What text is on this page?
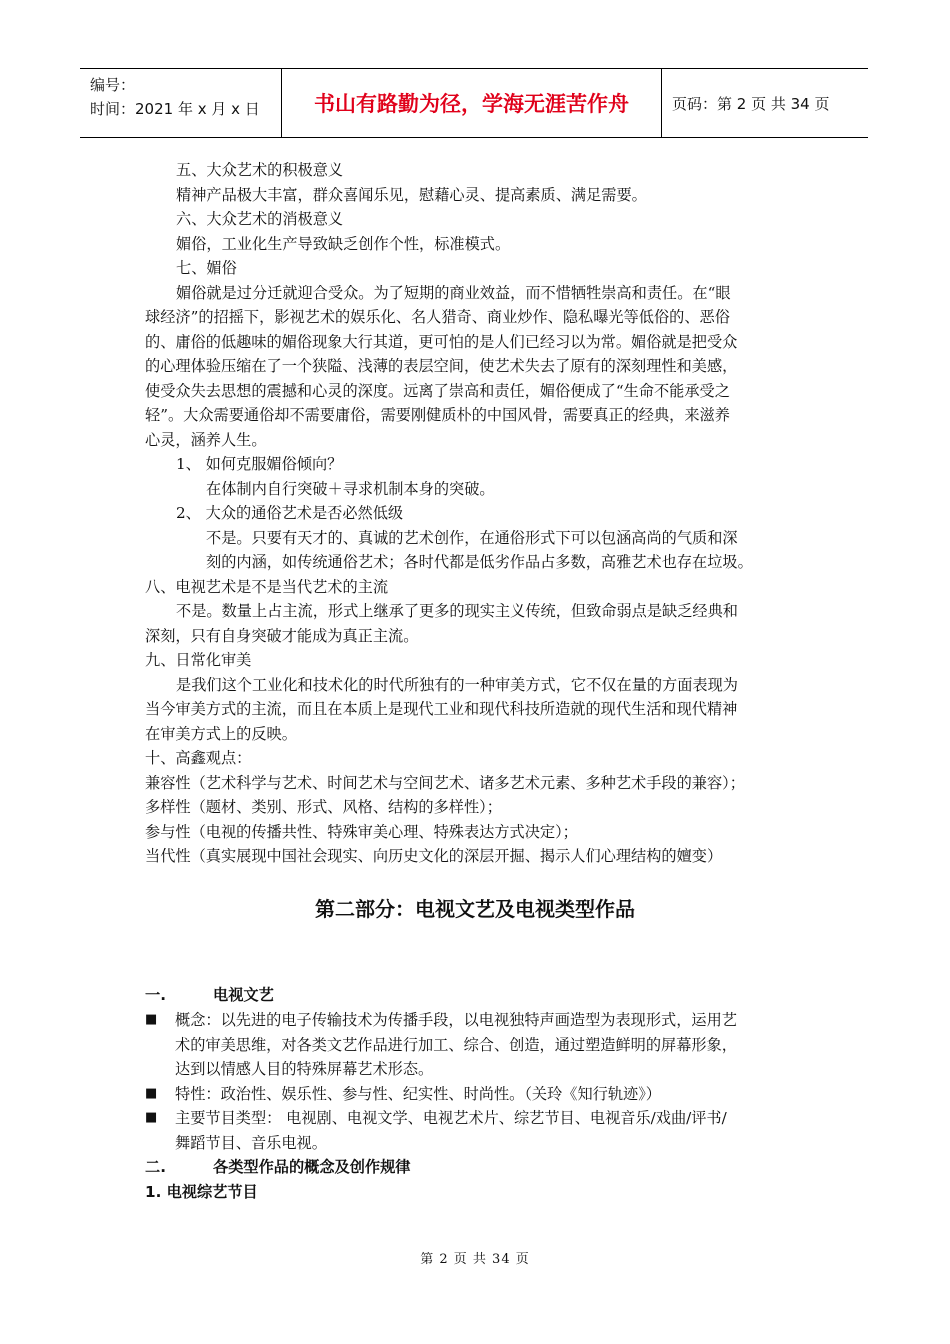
编号：
时间：2021 年 x 月 x 日	书山有路勤为径，学海无涯苦作舟	页码：第 2 页 共 34 页
五、大众艺术的积极意义
精神产品极大丰富，群众喜闻乐见，慰藉心灵、提高素质、满足需要。
六、大众艺术的消极意义
媚俗，工业化生产导致缺乏创作个性，标准模式。
七、媚俗
媚俗就是过分迁就迎合受众。为了短期的商业效益，而不惜牺牲崇高和责任。在“眼
球经济”的招摇下，影视艺术的娱乐化、名人猎奇、商业炒作、隐私曝光等低俗的、恶俗
的、庸俗的低趣味的媚俗现象大行其道，更可怕的是人们已经习以为常。媚俗就是把受众
的心理体验压缩在了一个狭隘、浅薄的表层空间，使艺术失去了原有的深刻理性和美感，
使受众失去思想的震撼和心灵的深度。远离了崇高和责任，媚俗便成了“生命不能承受之
轻”。大众需要通俗却不需要庸俗，需要刚健质朴的中国风骨，需要真正的经典，来滋养
心灵，涵养人生。
1、 如何克服媚俗倾向？
在体制内自行突破＋寻求机制本身的突破。
2、 大众的通俗艺术是否必然低级
不是。只要有天才的、真诚的艺术创作，在通俗形式下可以包涵高尚的气质和深
刻的内涵，如传统通俗艺术；各时代都是低劣作品占多数，高雅艺术也存在垃圾。
八、电视艺术是不是当代艺术的主流
不是。数量上占主流，形式上继承了更多的现实主义传统，但致命弱点是缺乏经典和
深刻，只有自身突破才能成为真正主流。
九、日常化审美
是我们这个工业化和技术化的时代所独有的一种审美方式，它不仅在量的方面表现为
当今审美方式的主流，而且在本质上是现代工业和现代科技所造就的现代生活和现代精神
在审美方式上的反映。
十、高鑫观点：
兼容性（艺术科学与艺术、时间艺术与空间艺术、诸多艺术元素、多种艺术手段的兼容）；
多样性（题材、类别、形式、风格、结构的多样性）；
参与性（电视的传播共性、特殊审美心理、特殊表达方式决定）；
当代性（真实展现中国社会现实、向历史文化的深层开掘、揭示人们心理结构的嬗变）
第二部分：电视文艺及电视类型作品
一.	电视文艺
■	概念：以先进的电子传输技术为传播手段，以电视独特声画造型为表现形式，运用艺
术的审美思维，对各类文艺作品进行加工、综合、创造，通过塑造鲜明的屏幕形象，
达到以情感人目的特殊屏幕艺术形态。
■	特性：政治性、娱乐性、参与性、纪实性、时尚性。（关玲《知行轨迹》）
■	主要节目类型： 电视剧、电视文学、电视艺术片、综艺节目、电视音乐/戏曲/评书/
舞蹈节目、音乐电视。
二.	各类型作品的概念及创作规律
1. 电视综艺节目
第 2 页 共 34 页
